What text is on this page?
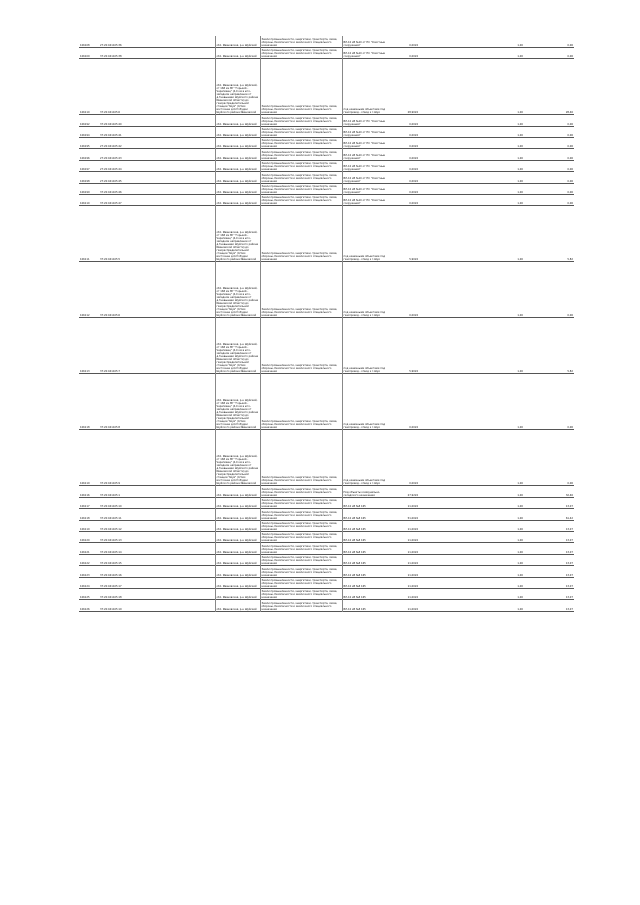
106108	27:20:041105:36	обл. Ивановская, р-н Шуйский	Земли промышленности, энергетики, транспорта, связи, обороны, безопасности и земли иного специального назначения	ВЛ-10 кВ №10 от ПС "Очистные сооружения"	0,0024	1,00	0,06
106109	37:20:041105:38	обл. Ивановская, р-н Шуйский	Земли промышленности, энергетики, транспорта, связи, обороны, безопасности и земли иного специального назначения	ВЛ-10 кВ №10 от ПС "Очистные сооружения"	0,0024	1,00	0,06
106110	37:20:041105:6	обл. Ивановская, р-н Шуйский, от 168 км МГ "Горький - Череповец" (4,0 км в юго-западном направлении от д.Гневышево Шуйского района Ивановской области) до газораспределительной станции "Шуя" (0,5км восточнее д.Олтобудки Шуйского района Ивановской	Земли промышленности, энергетики, транспорта, связи, обороны, безопасности и земли иного специального назначения	под наземными объектами под газопровод - отвод к г.Шуя	28,9024	1,00	28,46
106192	37:20:041105:40	обл. Ивановская, р-н Шуйский	Земли промышленности, энергетики, транспорта, связи, обороны, безопасности и земли иного специального назначения	ВЛ-10 кВ №10 от ПС "Очистные сооружения"	0,0024	1,00	0,06
106194	37:20:041105:41	обл. Ивановская, р-н Шуйский	Земли промышленности, энергетики, транспорта, связи, обороны, безопасности и земли иного специального назначения	ВЛ-10 кВ №10 от ПС "Очистные сооружения"	0,0024	1,00	0,06
106195	27:20:041105:42	обл. Ивановская, р-н Шуйский	Земли промышленности, энергетики, транспорта, связи, обороны, безопасности и земли иного специального назначения	ВЛ-10 кВ №10 от ПС "Очистные сооружения"	0,0024	1,00	0,06
106196	27:20:041105:43	обл. Ивановская, р-н Шуйский	Земли промышленности, энергетики, транспорта, связи, обороны, безопасности и земли иного специального назначения	ВЛ-10 кВ №10 от ПС "Очистные сооружения"	0,0024	1,00	0,06
106197	27:20:041105:44	обл. Ивановская, р-н Шуйский	Земли промышленности, энергетики, транспорта, связи, обороны, безопасности и земли иного специального назначения	ВЛ-10 кВ №10 от ПС "Очистные сооружения"	0,0024	1,00	0,06
106198	27:20:041105:45	обл. Ивановская, р-н Шуйский	Земли промышленности, энергетики, транспорта, связи, обороны, безопасности и земли иного специального назначения	ВЛ-10 кВ №10 от ПС "Очистные сооружения"	0,0024	1,00	0,06
106199	37:20:041105:46	обл. Ивановская, р-н Шуйский	Земли промышленности, энергетики, транспорта, связи, обороны, безопасности и земли иного специального назначения	ВЛ-10 кВ №10 от ПС "Очистные сооружения"	0,0024	1,00	0,06
106110	37:20:041105:47	обл. Ивановская, р-н Шуйский	Земли промышленности, энергетики, транспорта, связи, обороны, безопасности и земли иного специального назначения	ВЛ-10 кВ №10 от ПС "Очистные сооружения"	0,0024	1,00	0,06
106111	37:20:041105:5	обл. Ивановская, р-н Шуйский, от 168 км МГ "Горький - Череповец" (4,0 км в юго-западном направлении от д.Гневышево Шуйского района Ивановской области) до газораспределительной станции "Шуя" (0,5км восточнее д.Олтобудки Шуйского района Ивановской	Земли промышленности, энергетики, транспорта, связи, обороны, безопасности и земли иного специального назначения	под наземными объектами под газопровод - отвод к г.Шуя	5,9024	1,00	5,82
106112	37:20:041105:6	обл. Ивановская, р-н Шуйский, от 168 км МГ "Горький - Череповец" (4,0 км в юго-западном направлении от д.Гневышево Шуйского района Ивановской области) до газораспределительной станции "Шуя" (0,5км восточнее д.Олтобудки Шуйского района Ивановской	Земли промышленности, энергетики, транспорта, связи, обороны, безопасности и земли иного специального назначения	под наземными объектами под газопровод - отвод к г.Шуя	0,0024	1,00	0,06
106113	37:20:041105:7	обл. Ивановская, р-н Шуйский, от 168 км МГ "Горький - Череповец" (4,0 км в юго-западном направлении от д.Гневышево Шуйского района Ивановской области) до газораспределительной станции "Шуя" (0,5км восточнее д.Олтобудки Шуйского района Ивановской	Земли промышленности, энергетики, транспорта, связи, обороны, безопасности и земли иного специального назначения	под наземными объектами под газопровод - отвод к г.Шуя	5,9024	1,00	5,82
106118	37:20:041105:8	обл. Ивановская, р-н Шуйский, от 168 км МГ "Горький - Череповец" (4,0 км в юго-западном направлении от д.Гневышево Шуйского района Ивановской области) до газораспределительной станции "Шуя" (0,5км восточнее д.Олтобудки Шуйского района Ивановской	Земли промышленности, энергетики, транспорта, связи, обороны, безопасности и земли иного специального назначения	под наземными объектами под газопровод - отвод к г.Шуя	0,0024	1,00	0,06
106119	37:20:041105:9	обл. Ивановская, р-н Шуйский, от 168 км МГ "Горький - Череповец" (4,0 км в юго-западном направлении от д.Гневышево Шуйского района Ивановской области) до газораспределительной станции "Шуя" (0,5км восточнее д.Олтобудки Шуйского района Ивановской	Земли промышленности, энергетики, транспорта, связи, обороны, безопасности и земли иного специального назначения	под наземными объектами под газопровод - отвод к г.Шуя	0,0024	1,00	0,06
106116	37:20:041105:1	обл. Ивановская, р-н Шуйский	Земли промышленности, энергетики, транспорта, связи, обороны, безопасности и земли иного специального назначения	Под объекты коммунально-складского назначения	27,9224	1,00	32,46
106117	37:20:041105:10	обл. Ивановская, р-н Шуйский	Земли промышленности, энергетики, транспорта, связи, обороны, безопасности и земли иного специального назначения	ВЛ-10 кВ №8 165	11,0024	1,00	13,07
106118	37:20:041105:11	обл. Ивановская, р-н Шуйский	Земли промышленности, энергетики, транспорта, связи, обороны, безопасности и земли иного специального назначения	ВЛ-10 кВ №8 165	51,0024	1,00	61,42
106119	37:20:041105:12	обл. Ивановская, р-н Шуйский	Земли промышленности, энергетики, транспорта, связи, обороны, безопасности и земли иного специального назначения	ВЛ-10 кВ №8 165	11,0024	1,00	13,07
106120	37:20:041105:13	обл. Ивановская, р-н Шуйский	Земли промышленности, энергетики, транспорта, связи, обороны, безопасности и земли иного специального назначения	ВЛ-10 кВ №8 165	11,0024	1,00	13,07
106121	37:20:041105:14	обл. Ивановская, р-н Шуйский	Земли промышленности, энергетики, транспорта, связи, обороны, безопасности и земли иного специального назначения	ВЛ-10 кВ №8 165	11,0024	1,00	13,07
106122	37:20:041105:15	обл. Ивановская, р-н Шуйский	Земли промышленности, энергетики, транспорта, связи, обороны, безопасности и земли иного специального назначения	ВЛ-10 кВ №8 165	11,0024	1,00	13,07
106123	37:20:041105:16	обл. Ивановская, р-н Шуйский	Земли промышленности, энергетики, транспорта, связи, обороны, безопасности и земли иного специального назначения	ВЛ-10 кВ №8 165	11,0024	1,00	13,07
106124	37:20:041105:17	обл. Ивановская, р-н Шуйский	Земли промышленности, энергетики, транспорта, связи, обороны, безопасности и земли иного специального назначения	ВЛ-10 кВ №8 165	11,0024	1,00	13,07
106125	37:20:041105:18	обл. Ивановская, р-н Шуйский	Земли промышленности, энергетики, транспорта, связи, обороны, безопасности и земли иного специального назначения	ВЛ-10 кВ №8 165	11,0024	1,00	13,07
106126	37:20:041105:19	обл. Ивановская, р-н Шуйский	Земли промышленности, энергетики, транспорта, связи, обороны, безопасности и земли иного специального назначения	ВЛ-10 кВ №8 165	11,0024	1,00	13,07
